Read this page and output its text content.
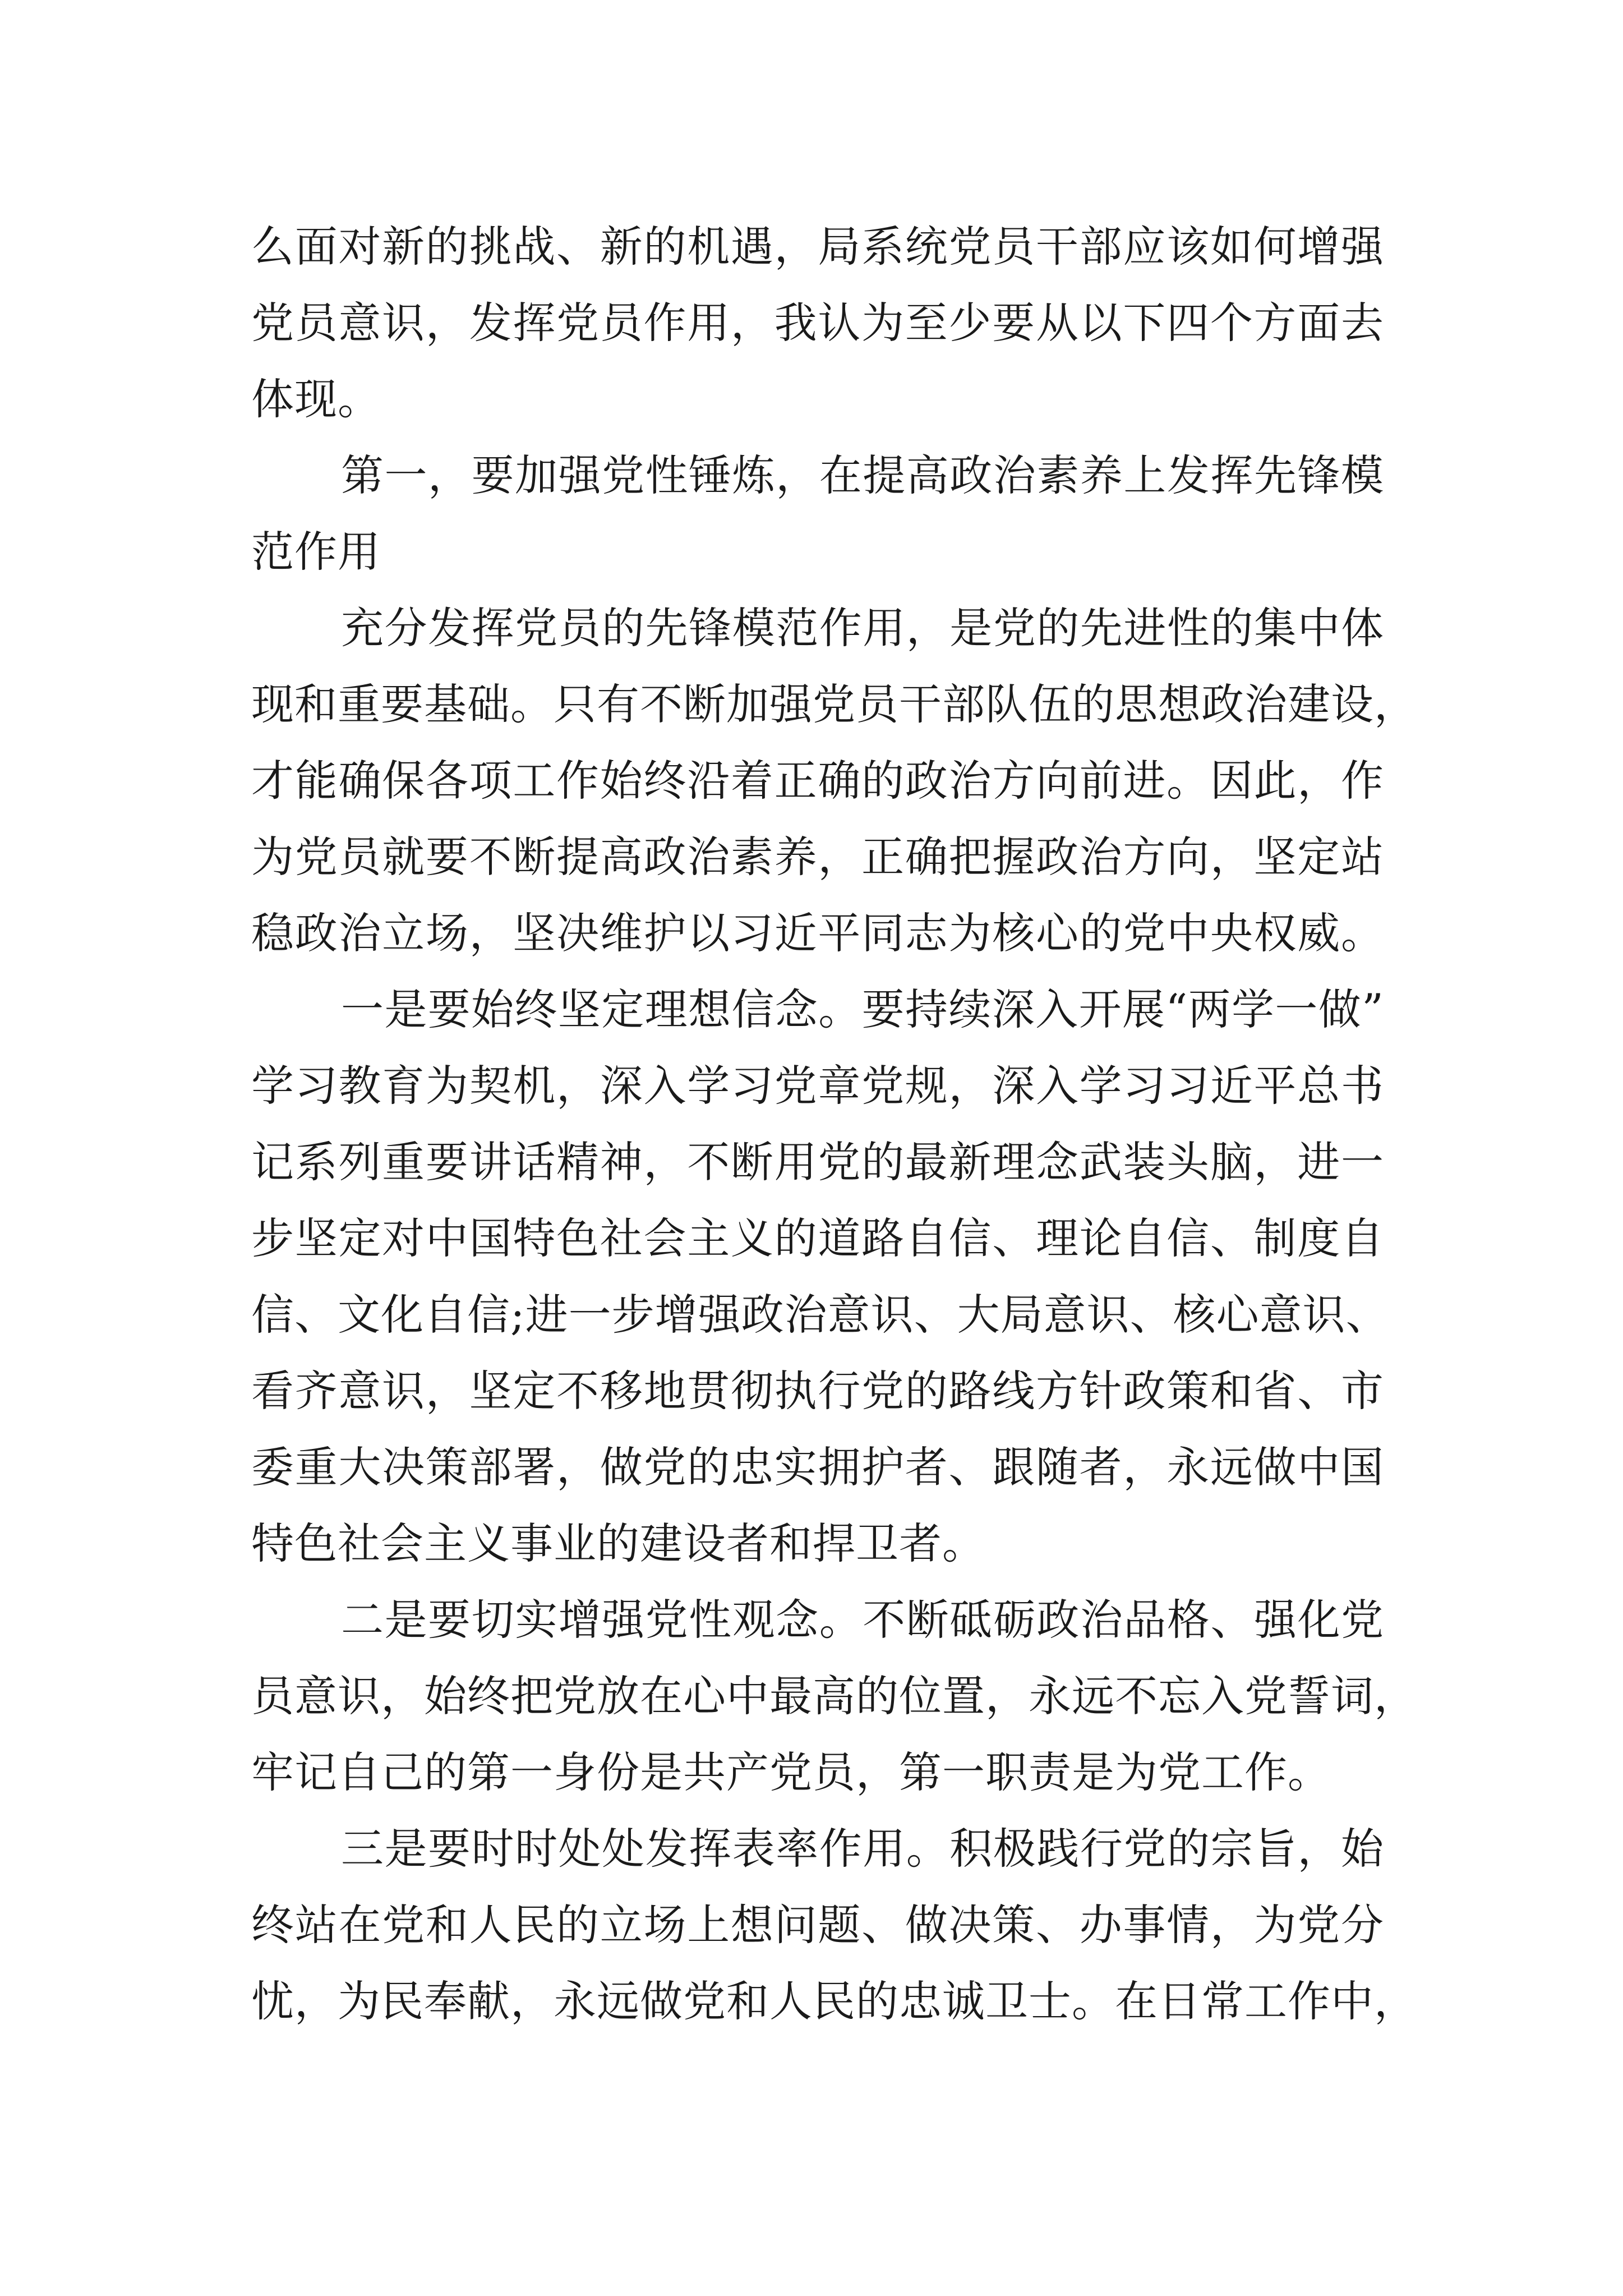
么面对新的挑战、新的机遇，局系统党员干部应该如何增强
党员意识，发挥党员作用，我认为至少要从以下四个方面去
体现。
第一，要加强党性锤炼，在提高政治素养上发挥先锋模
范作用
充分发挥党员的先锋模范作用，是党的先进性的集中体
现和重要基础。只有不断加强党员干部队伍的思想政治建设，
才能确保各项工作始终沿着正确的政治方向前进。因此，作
为党员就要不断提高政治素养，正确把握政治方向，坚定站
稳政治立场，坚决维护以习近平同志为核心的党中央权威。
一是要始终坚定理想信念。要持续深入开展“两学一做”
学习教育为契机，深入学习党章党规，深入学习习近平总书
记系列重要讲话精神，不断用党的最新理念武装头脑，进一
步坚定对中国特色社会主义的道路自信、理论自信、制度自
信、文化自信;进一步增强政治意识、大局意识、核心意识、
看齐意识，坚定不移地贯彻执行党的路线方针政策和省、市
委重大决策部署，做党的忠实拥护者、跟随者，永远做中国
特色社会主义事业的建设者和捍卫者。
二是要切实增强党性观念。不断砥砺政治品格、强化党
员意识，始终把党放在心中最高的位置，永远不忘入党誓词，
牢记自己的第一身份是共产党员，第一职责是为党工作。
三是要时时处处发挥表率作用。积极践行党的宗旨，始
终站在党和人民的立场上想问题、做决策、办事情，为党分
忧，为民奉献，永远做党和人民的忠诚卫士。在日常工作中，
